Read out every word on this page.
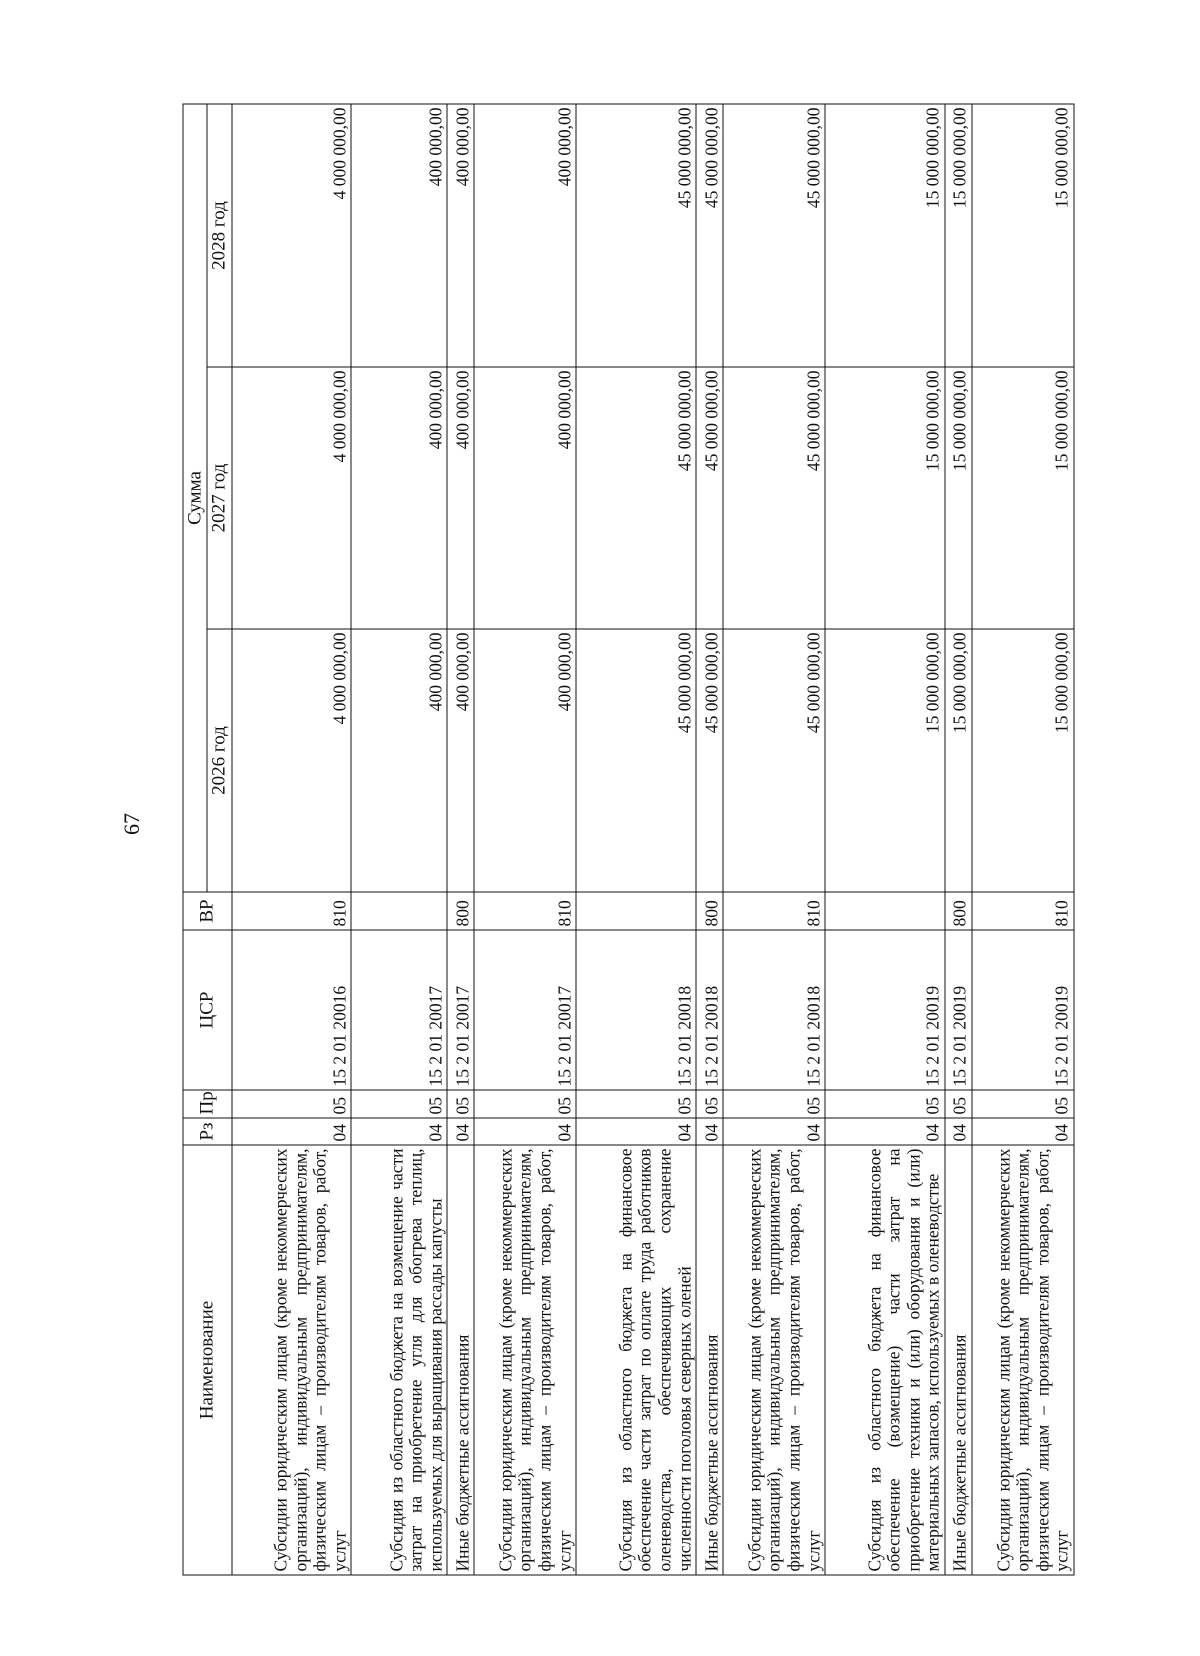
67
Наименование	Рз	Пр	ЦСР	ВР	Сумма		
					2026 год	2027 год	2028 год
Субсидии юридическим лицам (кроме некоммерческих организаций), индивидуальным предпринимателям, физическим лицам – производителям товаров, работ, услуг	04	05	15 2 01 20016	810	4 000 000,00	4 000 000,00	4 000 000,00
Субсидия из областного бюджета на возмещение части затрат на приобретение угля для обогрева теплиц, используемых для выращивания рассады капусты	04	05	15 2 01 20017		400 000,00	400 000,00	400 000,00
Иные бюджетные ассигнования	04	05	15 2 01 20017	800	400 000,00	400 000,00	400 000,00
Субсидии юридическим лицам (кроме некоммерческих организаций), индивидуальным предпринимателям, физическим лицам – производителям товаров, работ, услуг	04	05	15 2 01 20017	810	400 000,00	400 000,00	400 000,00
Субсидия из областного бюджета на финансовое обеспечение части затрат по оплате труда работников оленеводства, обеспечивающих сохранение численности поголовья северных оленей	04	05	15 2 01 20018		45 000 000,00	45 000 000,00	45 000 000,00
Иные бюджетные ассигнования	04	05	15 2 01 20018	800	45 000 000,00	45 000 000,00	45 000 000,00
Субсидии юридическим лицам (кроме некоммерческих организаций), индивидуальным предпринимателям, физическим лицам – производителям товаров, работ, услуг	04	05	15 2 01 20018	810	45 000 000,00	45 000 000,00	45 000 000,00
Субсидия из областного бюджета на финансовое обеспечение (возмещение) части затрат на приобретение техники и (или) оборудования и (или) материальных запасов, используемых в оленеводстве	04	05	15 2 01 20019		15 000 000,00	15 000 000,00	15 000 000,00
Иные бюджетные ассигнования	04	05	15 2 01 20019	800	15 000 000,00	15 000 000,00	15 000 000,00
Субсидии юридическим лицам (кроме некоммерческих организаций), индивидуальным предпринимателям, физическим лицам – производителям товаров, работ, услуг	04	05	15 2 01 20019	810	15 000 000,00	15 000 000,00	15 000 000,00
